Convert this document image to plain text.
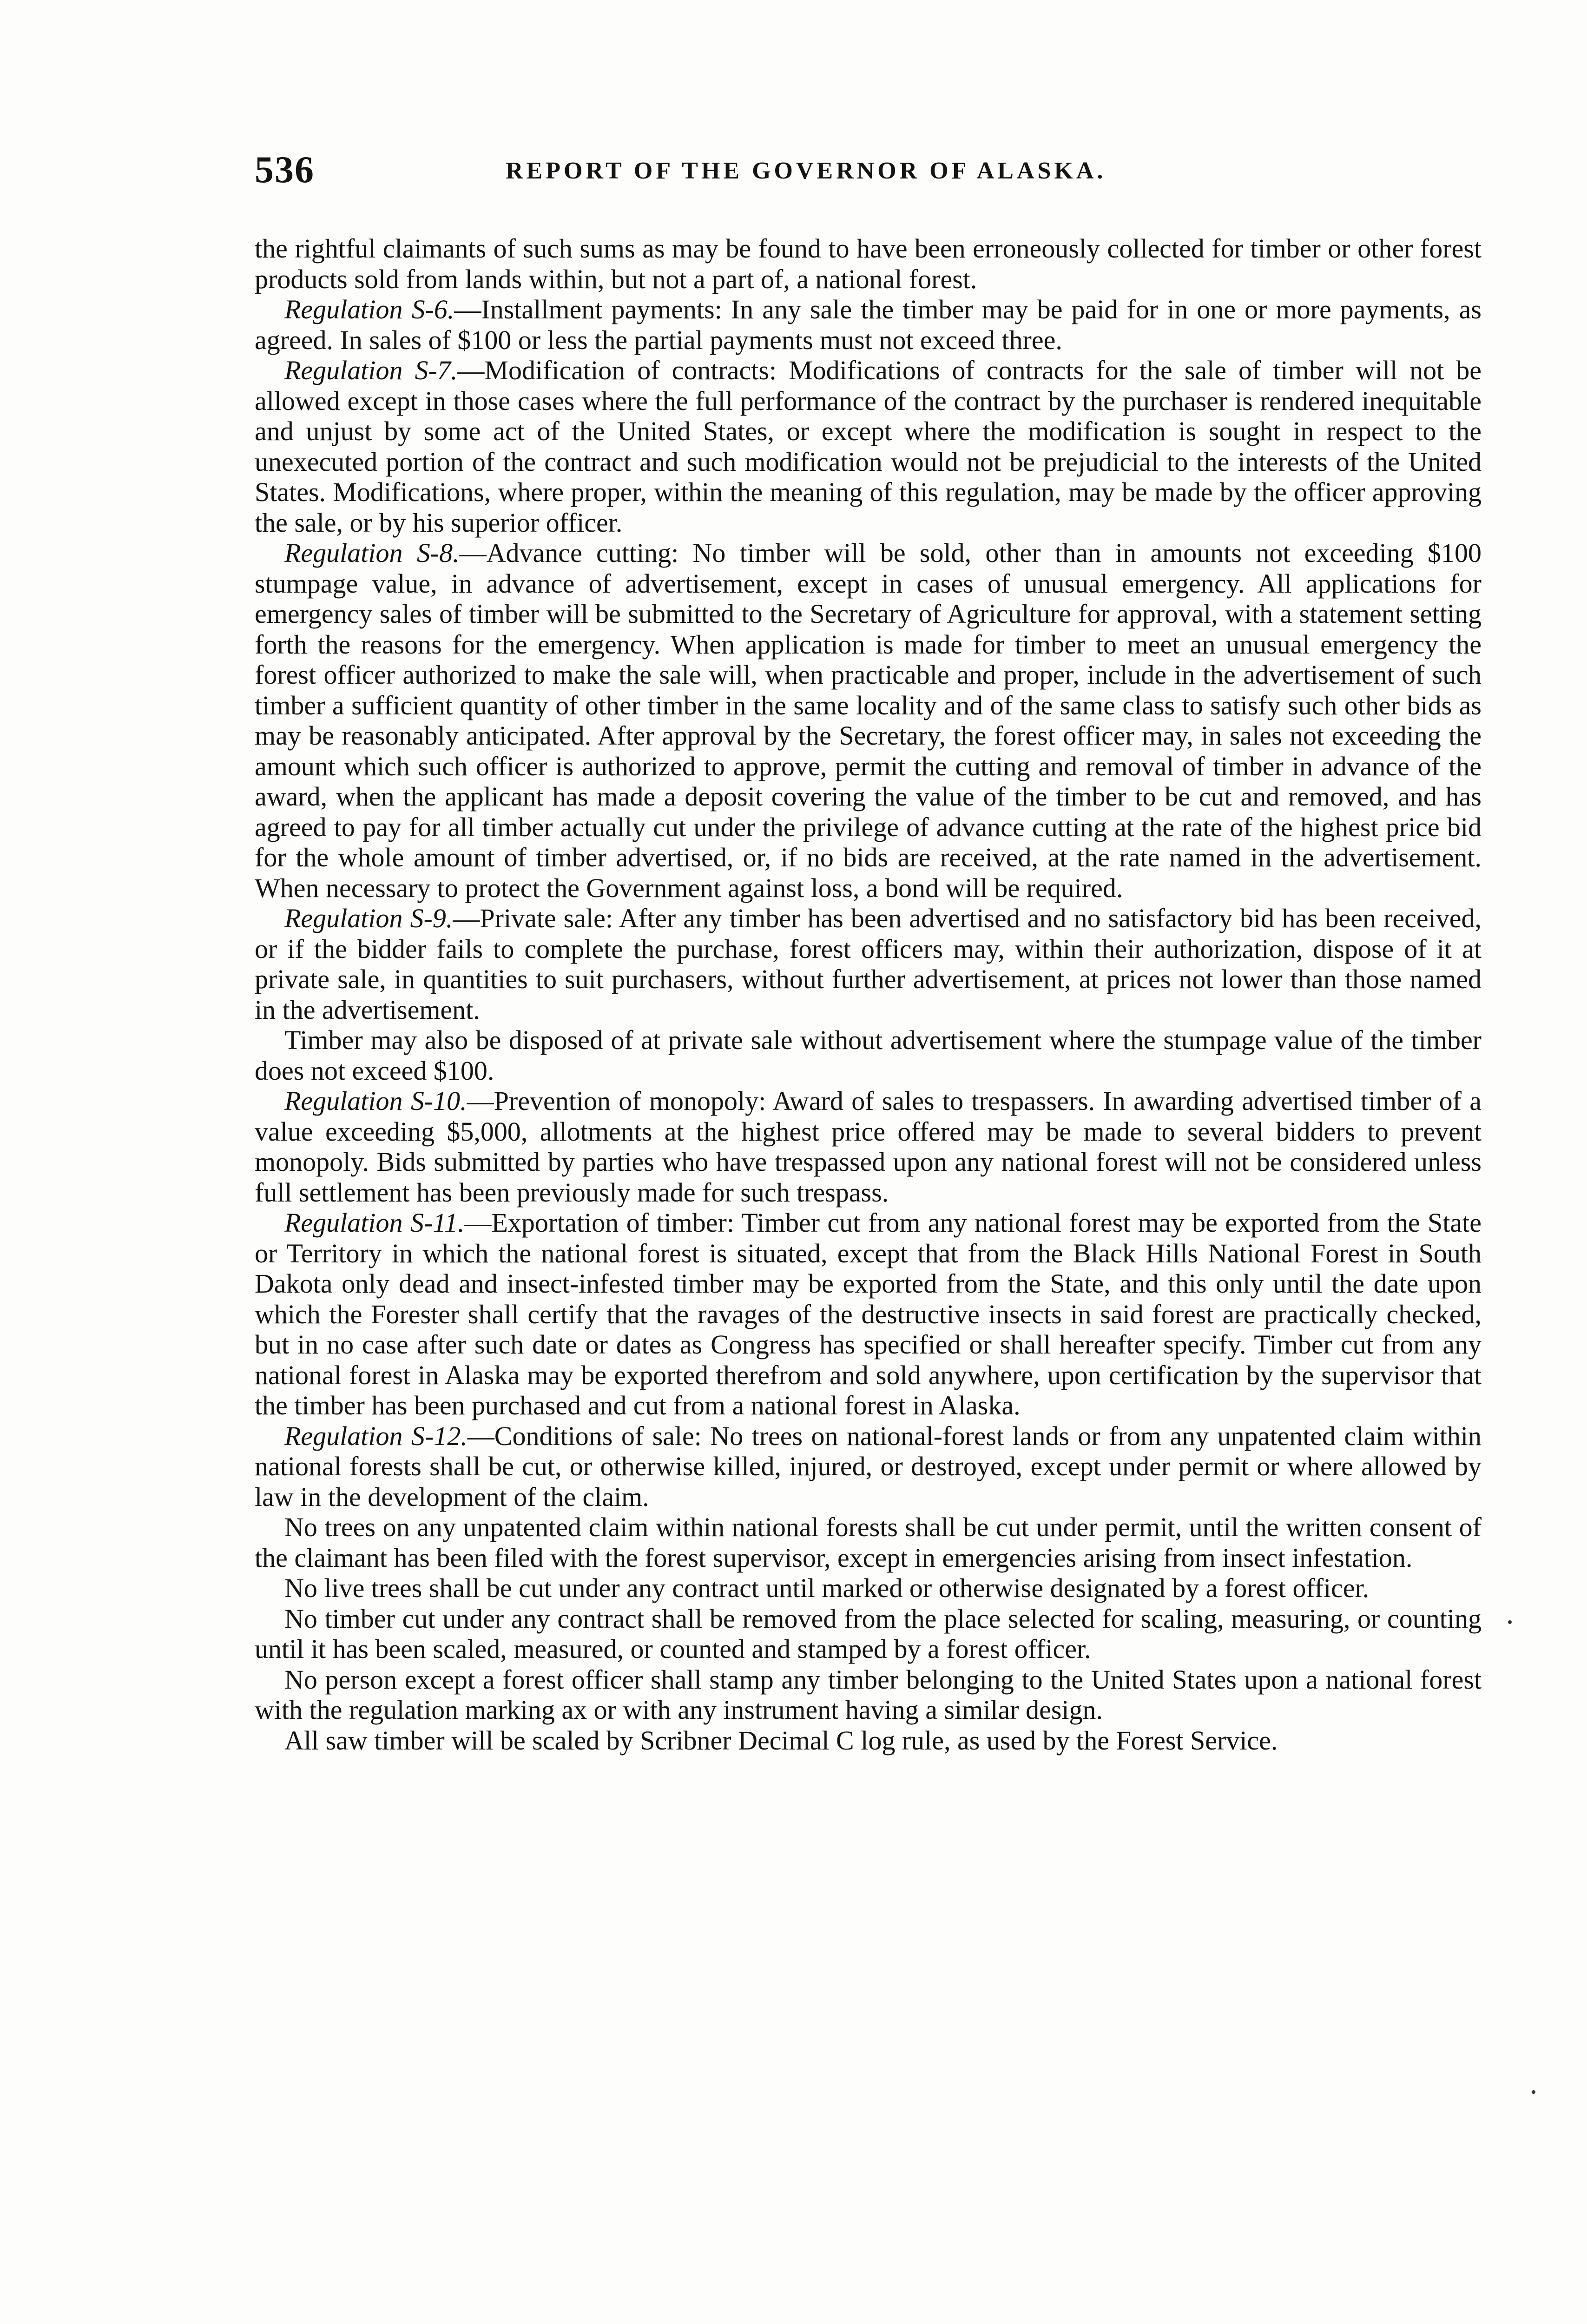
536	REPORT OF THE GOVERNOR OF ALASKA.

the rightful claimants of such sums as may be found to have been erroneously collected for timber or other forest products sold from lands within, but not a part of, a national forest.

Regulation S-6.—Installment payments: In any sale the timber may be paid for in one or more payments, as agreed. In sales of $100 or less the partial payments must not exceed three.

Regulation S-7.—Modification of contracts: Modifications of contracts for the sale of timber will not be allowed except in those cases where the full performance of the contract by the purchaser is rendered inequitable and unjust by some act of the United States, or except where the modification is sought in respect to the unexecuted portion of the contract and such modification would not be prejudicial to the interests of the United States. Modifications, where proper, within the meaning of this regulation, may be made by the officer approving the sale, or by his superior officer.

Regulation S-8.—Advance cutting: No timber will be sold, other than in amounts not exceeding $100 stumpage value, in advance of advertisement, except in cases of unusual emergency. All applications for emergency sales of timber will be submitted to the Secretary of Agriculture for approval, with a statement setting forth the reasons for the emergency. When application is made for timber to meet an unusual emergency the forest officer authorized to make the sale will, when practicable and proper, include in the advertisement of such timber a sufficient quantity of other timber in the same locality and of the same class to satisfy such other bids as may be reasonably anticipated. After approval by the Secretary, the forest officer may, in sales not exceeding the amount which such officer is authorized to approve, permit the cutting and removal of timber in advance of the award, when the applicant has made a deposit covering the value of the timber to be cut and removed, and has agreed to pay for all timber actually cut under the privilege of advance cutting at the rate of the highest price bid for the whole amount of timber advertised, or, if no bids are received, at the rate named in the advertisement. When necessary to protect the Government against loss, a bond will be required.

Regulation S-9.—Private sale: After any timber has been advertised and no satisfactory bid has been received, or if the bidder fails to complete the purchase, forest officers may, within their authorization, dispose of it at private sale, in quantities to suit purchasers, without further advertisement, at prices not lower than those named in the advertisement.

Timber may also be disposed of at private sale without advertisement where the stumpage value of the timber does not exceed $100.

Regulation S-10.—Prevention of monopoly: Award of sales to trespassers. In awarding advertised timber of a value exceeding $5,000, allotments at the highest price offered may be made to several bidders to prevent monopoly. Bids submitted by parties who have trespassed upon any national forest will not be considered unless full settlement has been previously made for such trespass.

Regulation S-11.—Exportation of timber: Timber cut from any national forest may be exported from the State or Territory in which the national forest is situated, except that from the Black Hills National Forest in South Dakota only dead and insect-infested timber may be exported from the State, and this only until the date upon which the Forester shall certify that the ravages of the destructive insects in said forest are practically checked, but in no case after such date or dates as Congress has specified or shall hereafter specify. Timber cut from any national forest in Alaska may be exported therefrom and sold anywhere, upon certification by the supervisor that the timber has been purchased and cut from a national forest in Alaska.

Regulation S-12.—Conditions of sale: No trees on national-forest lands or from any unpatented claim within national forests shall be cut, or otherwise killed, injured, or destroyed, except under permit or where allowed by law in the development of the claim.

No trees on any unpatented claim within national forests shall be cut under permit, until the written consent of the claimant has been filed with the forest supervisor, except in emergencies arising from insect infestation.

No live trees shall be cut under any contract until marked or otherwise designated by a forest officer.

No timber cut under any contract shall be removed from the place selected for scaling, measuring, or counting until it has been scaled, measured, or counted and stamped by a forest officer.

No person except a forest officer shall stamp any timber belonging to the United States upon a national forest with the regulation marking ax or with any instrument having a similar design.

All saw timber will be scaled by Scribner Decimal C log rule, as used by the Forest Service.
